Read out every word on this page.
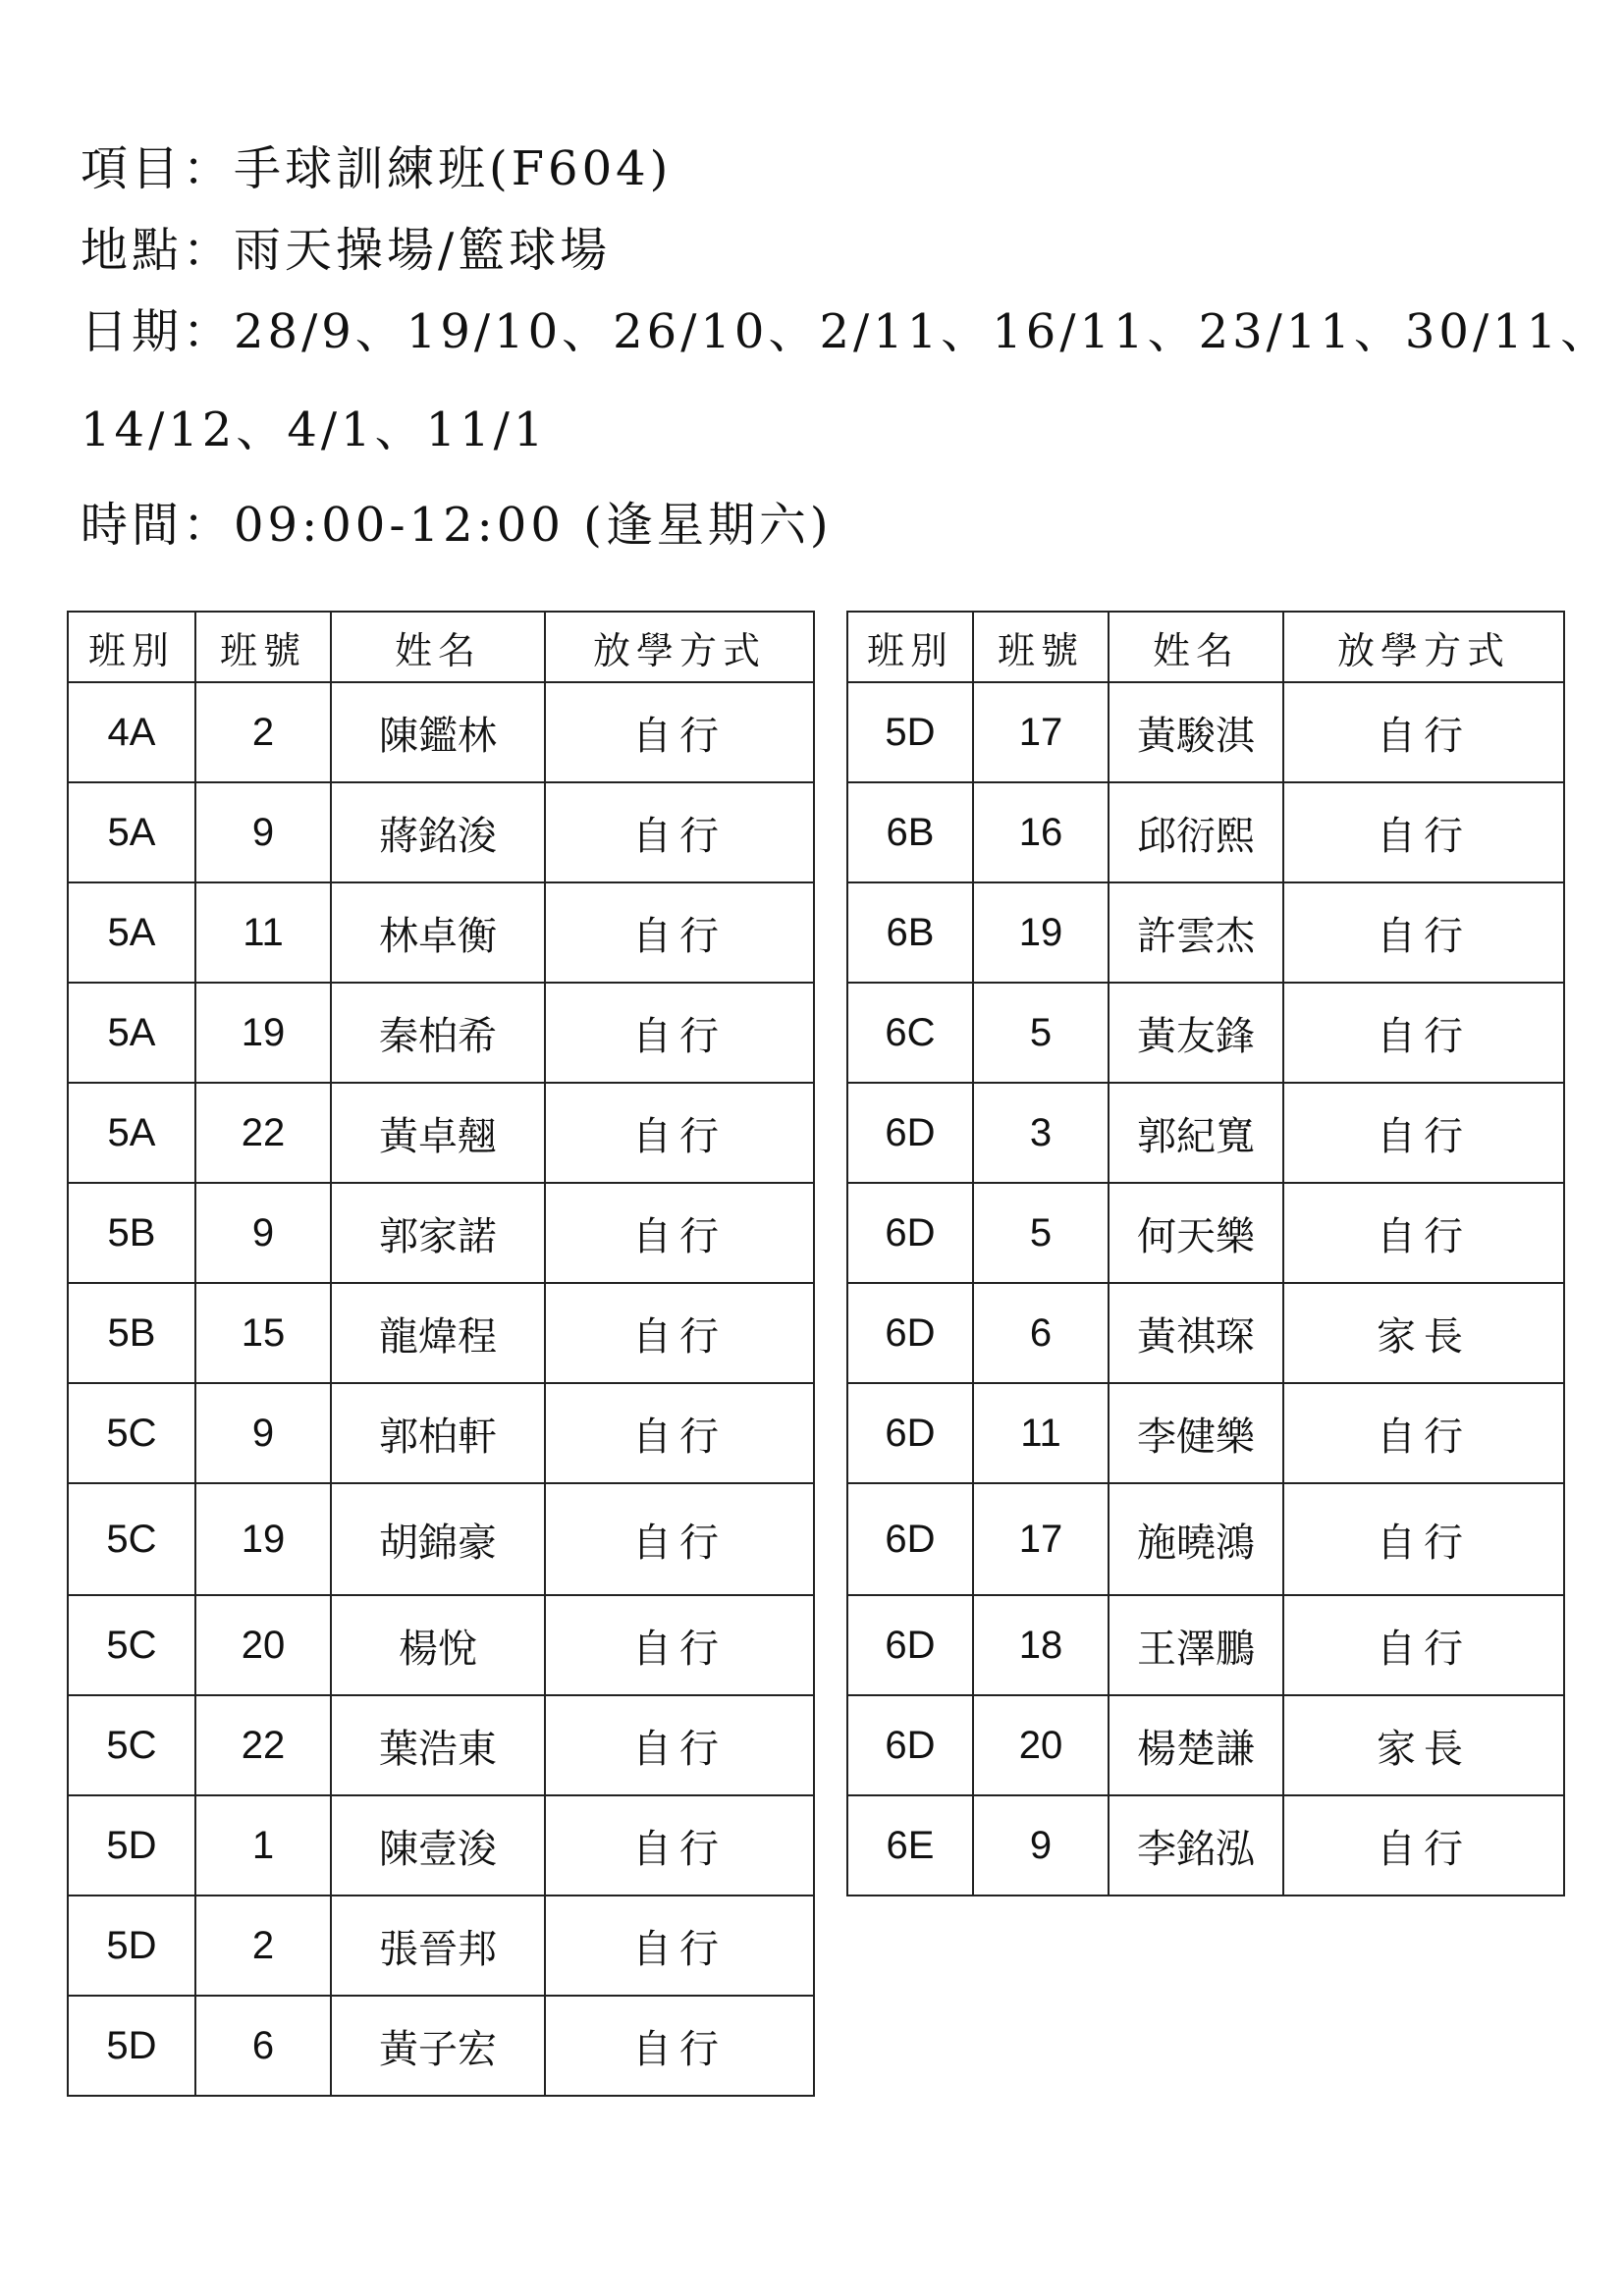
項目：手球訓練班(F604)
地點：雨天操場/籃球場
日期：28/9、19/10、26/10、2/11、16/11、23/11、30/11、
14/12、4/1、11/1
時間：09:00-12:00 (逢星期六)
班別	班號	姓名	放學方式
4A	2	陳鑑林	自行
5A	9	蔣銘浚	自行
5A	11	林卓衡	自行
5A	19	秦柏希	自行
5A	22	黃卓翹	自行
5B	9	郭家諾	自行
5B	15	龍煒程	自行
5C	9	郭柏軒	自行
5C	19	胡錦豪	自行
5C	20	楊悅	自行
5C	22	葉浩東	自行
5D	1	陳壹浚	自行
5D	2	張晉邦	自行
5D	6	黃子宏	自行
班別	班號	姓名	放學方式
5D	17	黃駿淇	自行
6B	16	邱衍熙	自行
6B	19	許雲杰	自行
6C	5	黃友鋒	自行
6D	3	郭紀寬	自行
6D	5	何天樂	自行
6D	6	黃祺琛	家長
6D	11	李健樂	自行
6D	17	施曉鴻	自行
6D	18	王澤鵬	自行
6D	20	楊楚謙	家長
6E	9	李銘泓	自行
